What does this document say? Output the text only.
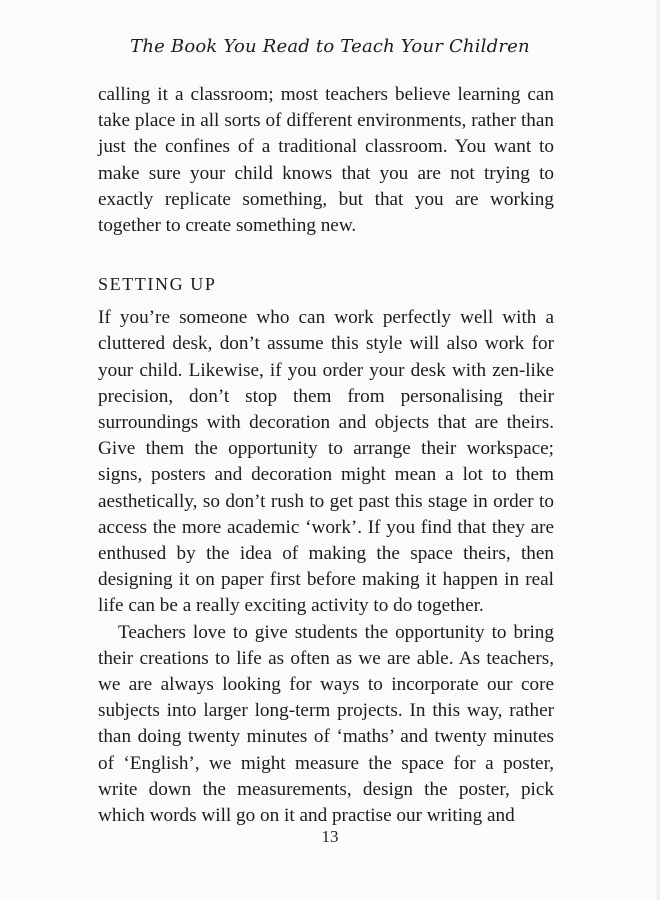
The Book You Read to Teach Your Children

calling it a classroom; most teachers believe learning can take place in all sorts of different environments, rather than just the confines of a traditional classroom. You want to make sure your child knows that you are not trying to exactly replicate something, but that you are working together to create something new.

SETTING UP

If you’re someone who can work perfectly well with a cluttered desk, don’t assume this style will also work for your child. Likewise, if you order your desk with zen-like precision, don’t stop them from personalising their surroundings with decoration and objects that are theirs. Give them the opportunity to arrange their workspace; signs, posters and decoration might mean a lot to them aesthetically, so don’t rush to get past this stage in order to access the more academic ‘work’. If you find that they are enthused by the idea of making the space theirs, then designing it on paper first before making it happen in real life can be a really exciting activity to do together.

Teachers love to give students the opportunity to bring their creations to life as often as we are able. As teachers, we are always looking for ways to incorporate our core subjects into larger long-term projects. In this way, rather than doing twenty minutes of ‘maths’ and twenty minutes of ‘English’, we might measure the space for a poster, write down the measurements, design the poster, pick which words will go on it and practise our writing and

13
